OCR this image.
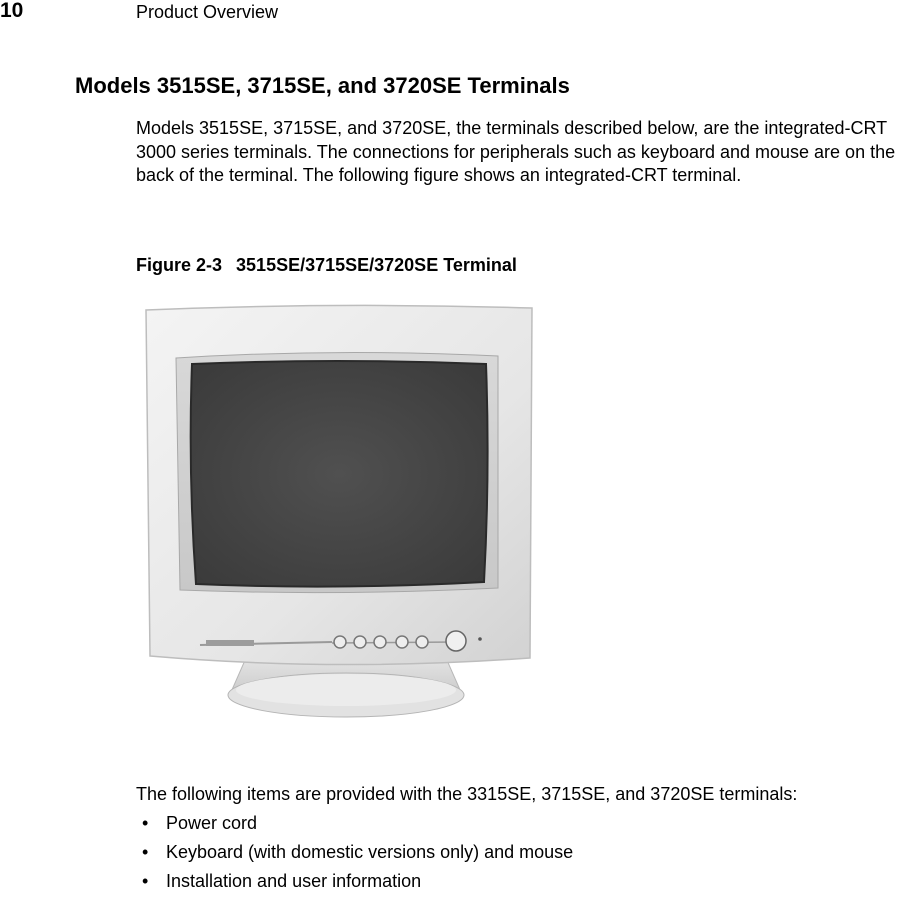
10	Product Overview
Models 3515SE, 3715SE, and 3720SE Terminals

Models 3515SE, 3715SE, and 3720SE, the terminals described below, are the integrated-CRT 3000 series terminals. The connections for peripherals such as keyboard and mouse are on the back of the terminal. The following figure shows an integrated-CRT terminal.

Figure 2-3 3515SE/3715SE/3720SE Terminal
The following items are provided with the 3315SE, 3715SE, and 3720SE terminals:
• Power cord
• Keyboard (with domestic versions only) and mouse
• Installation and user information
